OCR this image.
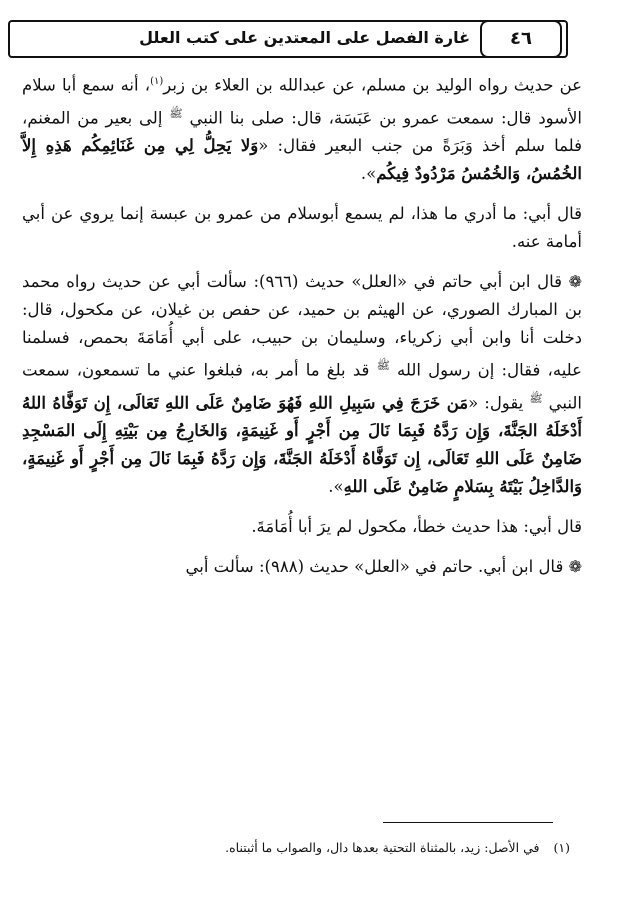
غارة الفصل على المعتدين على كتب العلل	٤٦

عن حديث رواه الوليد بن مسلم، عن عبدالله بن العلاء بن زبر$^{(١)}$، أنه سمع أبا سلام الأسود قال: سمعت عمرو بن عَبَسَة، قال: صلى بنا النبي $^ﷺ$ إلى بعير من المغنم، فلما سلم أخذ وَبَرَةً من جنب البعير فقال: «وَلا يَحِلُّ لِي مِن غَنَائِمِكُم هَذِهِ إِلاَّ الخُمُسُ، وَالخُمُسُ مَرْدُودٌ فِيكُم».

قال أبي: ما أدري ما هذا، لم يسمع أبوسلام من عمرو بن عبسة إنما يروي عن أبي أمامة عنه.

❁ قال ابن أبي حاتم في «العلل» حديث (٩٦٦): سألت أبي عن حديث رواه محمد بن المبارك الصوري، عن الهيثم بن حميد، عن حفص بن غيلان، عن مكحول، قال: دخلت أنا وابن أبي زكرياء، وسليمان بن حبيب، على أبي أُمَامَةَ بحمص، فسلمنا عليه، فقال: إن رسول الله $^ﷺ$ قد بلغ ما أمر به، فبلغوا عني ما تسمعون، سمعت النبي $^ﷺ$ يقول: «مَن خَرَجَ فِي سَبِيلِ اللهِ فَهُوَ ضَامِنٌ عَلَى اللهِ تَعَالَى، إِن تَوَفَّاهُ اللهُ أَدْخَلَهُ الجَنَّةَ، وَإِن رَدَّهُ فَبِمَا نَالَ مِن أَجْرٍ أَو غَنِيمَةٍ، وَالخَارِجُ مِن بَيْتِهِ إِلَى المَسْجِدِ ضَامِنٌ عَلَى اللهِ تَعَالَى، إِن تَوَفَّاهُ أَدْخَلَهُ الجَنَّةَ، وَإِن رَدَّهُ فَبِمَا نَالَ مِن أَجْرٍ أَو غَنِيمَةٍ، وَالدَّاخِلُ بَيْتَهُ بِسَلامٍ ضَامِنٌ عَلَى اللهِ».

قال أبي: هذا حديث خطأ، مكحول لم يرَ أبا أُمَامَةَ.

❁ قال ابن أبي. حاتم في «العلل» حديث (٩٨٨): سألت أبي

(١)في الأصل: زيد، بالمثناة التحتية بعدها دال، والصواب ما أثبتناه.
